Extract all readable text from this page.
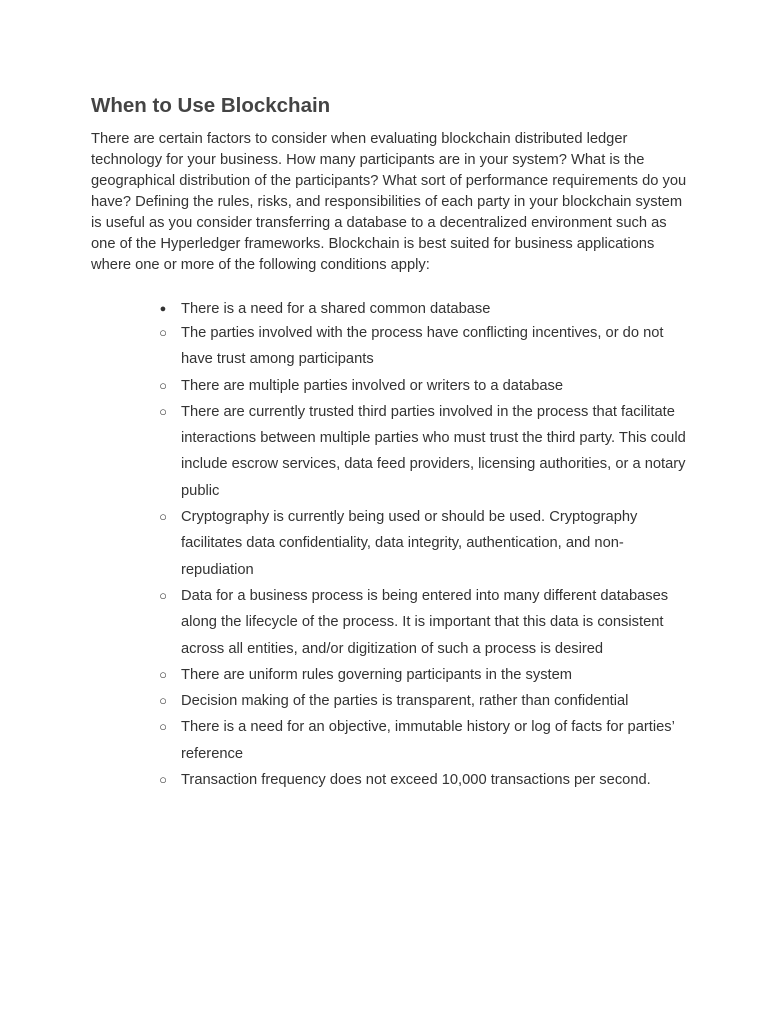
When to Use Blockchain

There are certain factors to consider when evaluating blockchain distributed ledger technology for your business. How many participants are in your system? What is the geographical distribution of the participants? What sort of performance requirements do you have? Defining the rules, risks, and responsibilities of each party in your blockchain system is useful as you consider transferring a database to a decentralized environment such as one of the Hyperledger frameworks. Blockchain is best suited for business applications where one or more of the following conditions apply:

● There is a need for a shared common database
○ The parties involved with the process have conflicting incentives, or do not have trust among participants
○ There are multiple parties involved or writers to a database
○ There are currently trusted third parties involved in the process that facilitate interactions between multiple parties who must trust the third party. This could include escrow services, data feed providers, licensing authorities, or a notary public
○ Cryptography is currently being used or should be used. Cryptography facilitates data confidentiality, data integrity, authentication, and non-repudiation
○ Data for a business process is being entered into many different databases along the lifecycle of the process. It is important that this data is consistent across all entities, and/or digitization of such a process is desired
○ There are uniform rules governing participants in the system
○ Decision making of the parties is transparent, rather than confidential
○ There is a need for an objective, immutable history or log of facts for parties’ reference
○ Transaction frequency does not exceed 10,000 transactions per second.
